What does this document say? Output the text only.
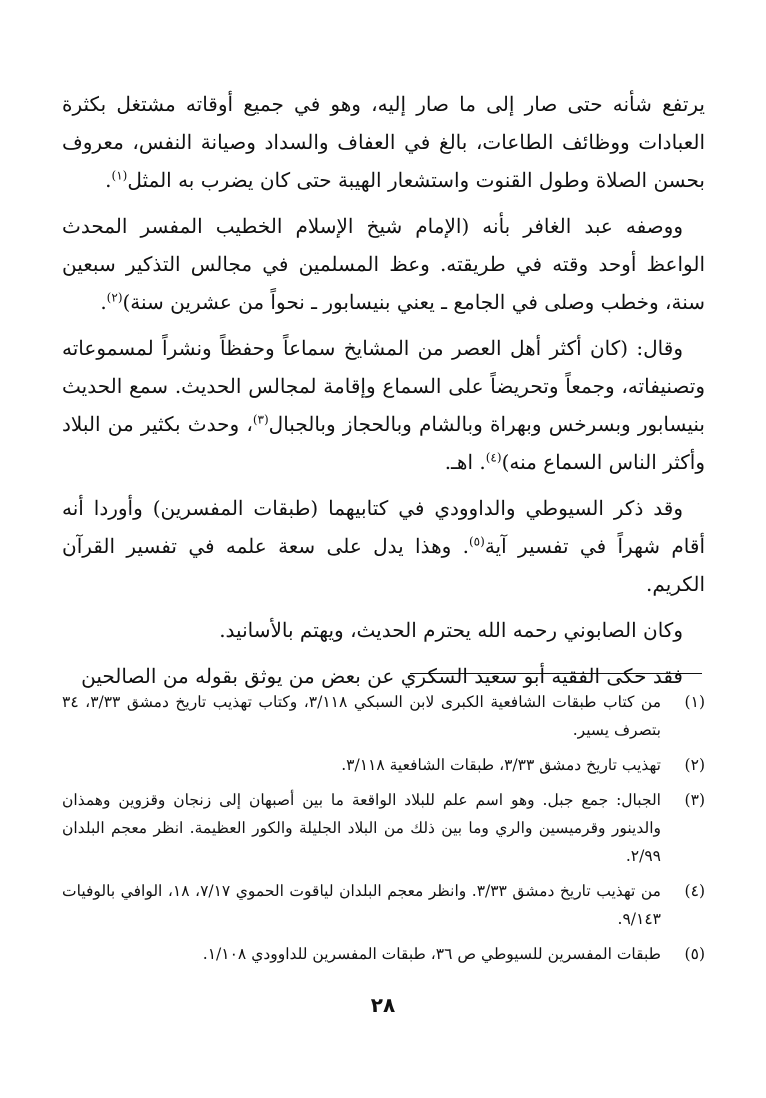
يرتفع شأنه حتى صار إلى ما صار إليه، وهو في جميع أوقاته مشتغل بكثرة العبادات ووظائف الطاعات، بالغ في العفاف والسداد وصيانة النفس، معروف بحسن الصلاة وطول القنوت واستشعار الهيبة حتى كان يضرب به المثل$^{(١)}$.

ووصفه عبد الغافر بأنه (الإمام شيخ الإسلام الخطيب المفسر المحدث الواعظ أوحد وقته في طريقته. وعظ المسلمين في مجالس التذكير سبعين سنة، وخطب وصلى في الجامع ـ يعني بنيسابور ـ نحواً من عشرين سنة)$^{(٢)}$.

وقال: (كان أكثر أهل العصر من المشايخ سماعاً وحفظاً ونشراً لمسموعاته وتصنيفاته، وجمعاً وتحريضاً على السماع وإقامة لمجالس الحديث. سمع الحديث بنيسابور وبسرخس وبهراة وبالشام وبالحجاز وبالجبال$^{(٣)}$، وحدث بكثير من البلاد وأكثر الناس السماع منه)$^{(٤)}$. اهـ.

وقد ذكر السيوطي والداوودي في كتابيهما (طبقات المفسرين) وأوردا أنه أقام شهراً في تفسير آية$^{(٥)}$. وهذا يدل على سعة علمه في تفسير القرآن الكريم.

وكان الصابوني رحمه الله يحترم الحديث، ويهتم بالأسانيد.

فقد حكى الفقيه أبو سعيد السكري عن بعض من يوثق بقوله من الصالحين

(١)
من كتاب طبقات الشافعية الكبرى لابن السبكي ٣/١١٨، وكتاب تهذيب تاريخ دمشق ٣/٣٣، ٣٤ بتصرف يسير.
(٢)
تهذيب تاريخ دمشق ٣/٣٣، طبقات الشافعية ٣/١١٨.
(٣)
الجبال: جمع جبل. وهو اسم علم للبلاد الواقعة ما بين أصبهان إلى زنجان وقزوين وهمذان والدينور وقرميسين والري وما بين ذلك من البلاد الجليلة والكور العظيمة. انظر معجم البلدان ٢/٩٩.
(٤)
من تهذيب تاريخ دمشق ٣/٣٣. وانظر معجم البلدان لياقوت الحموي ٧/١٧، ١٨، الوافي بالوفيات ٩/١٤٣.
(٥)
طبقات المفسرين للسيوطي ص ٣٦، طبقات المفسرين للداوودي ١/١٠٨.
٢٨
